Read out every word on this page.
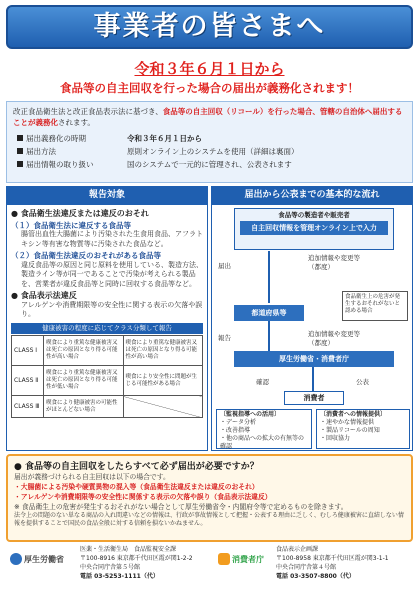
事業者の皆さまへ
令和３年６月１日から
食品等の自主回収を行った場合の届出が義務化されます！
改正食品衛生法と改正食品表示法に基づき、食品等の自主回収（リコール）を行った場合、管轄の自治体へ届出することが義務化されます。
届出義務化の時期	令和３年６月１日から
届出方法	原則オンライン上のシステムを使用（詳細は裏面）
届出情報の取り扱い	国のシステムで一元的に管理され、公表されます
報告対象	届出から公表までの基本的な流れ
● 食品衛生法違反または違反のおそれ
（１）食品衛生法に違反する食品等
腸管出血性大腸菌により汚染された生食用食品、アフラトキシン等有害な物質等に汚染された食品など。
（２）食品衛生法違反のおそれがある食品等
違反食品等の原因と同じ原料を使用している、製造方法、製造ライン等が同一であることで汚染が考えられる製品を、営業者が違反食品等と同時に回収する食品等など。
● 食品表示法違反
アレルゲンや消費期限等の安全性に関する表示の欠落や誤り。
健康被害の程度に応じてクラス分類して報告
CLASS Ⅰ	喫食により重篤な健康被害又は死亡の原因となり得る可能性が高い場合	喫食により重篤な健康被害又は死亡の原因となり得る可能性が高い場合
CLASS Ⅱ	喫食により重篤な健康被害又は死亡の原因となり得る可能性が低い場合	喫食により安全性に問題が生じる可能性がある場合
CLASS Ⅲ	喫食により健康被害の可能性がほとんどない場合	
食品等の製造者や販売者
自主回収情報を管理オンライン上で入力
届出
追加情報や変更等（都度）
都道府県等
食品衛生上の危害が発生するおそれがないと認める場合
報告	追加情報や変更等（都度）
厚生労働省・消費者庁
確認	公表
消費者
〔監視指導への活用〕
・データ分析
・改善指導
・他の商品への拡大の有無等の確認
〔消費者への情報提供〕
・速やかな情報提供
・製品リコールの周知
・回収協力
● 食品等の自主回収をしたらすべて必ず届出が必要ですか？
届出が義務づけられる自主回収は以下の場合です。
・大腸菌による汚染や硬質異物の混入等（食品衛生法違反または違反のおそれ）
・アレルゲンや消費期限等の安全性に関係する表示の欠落や誤り（食品表示法違反）
※ 食品衛生上の危害が発生するおそれがない場合として厚生労働省令・内閣府令等で定めるものを除きます。
法令上の問題のない単なる商品の入れ間違いなどの情報は、行政が事故情報として把握・公表する理由に乏しく、むしろ健康被害に直結しない情報を提供することで国民の食品全般に対する信頼を損ないかねません。
厚生労働省
医薬・生活衛生局　食品監視安全課
〒100-8916 東京都千代田区霞が関1-2-2
中央合同庁舎第５号館
電話 03-5253-1111（代）
消費者庁
食品表示企画課
〒100-8958 東京都千代田区霞が関3-1-1
中央合同庁舎第４号館
電話 03-3507-8800（代）
